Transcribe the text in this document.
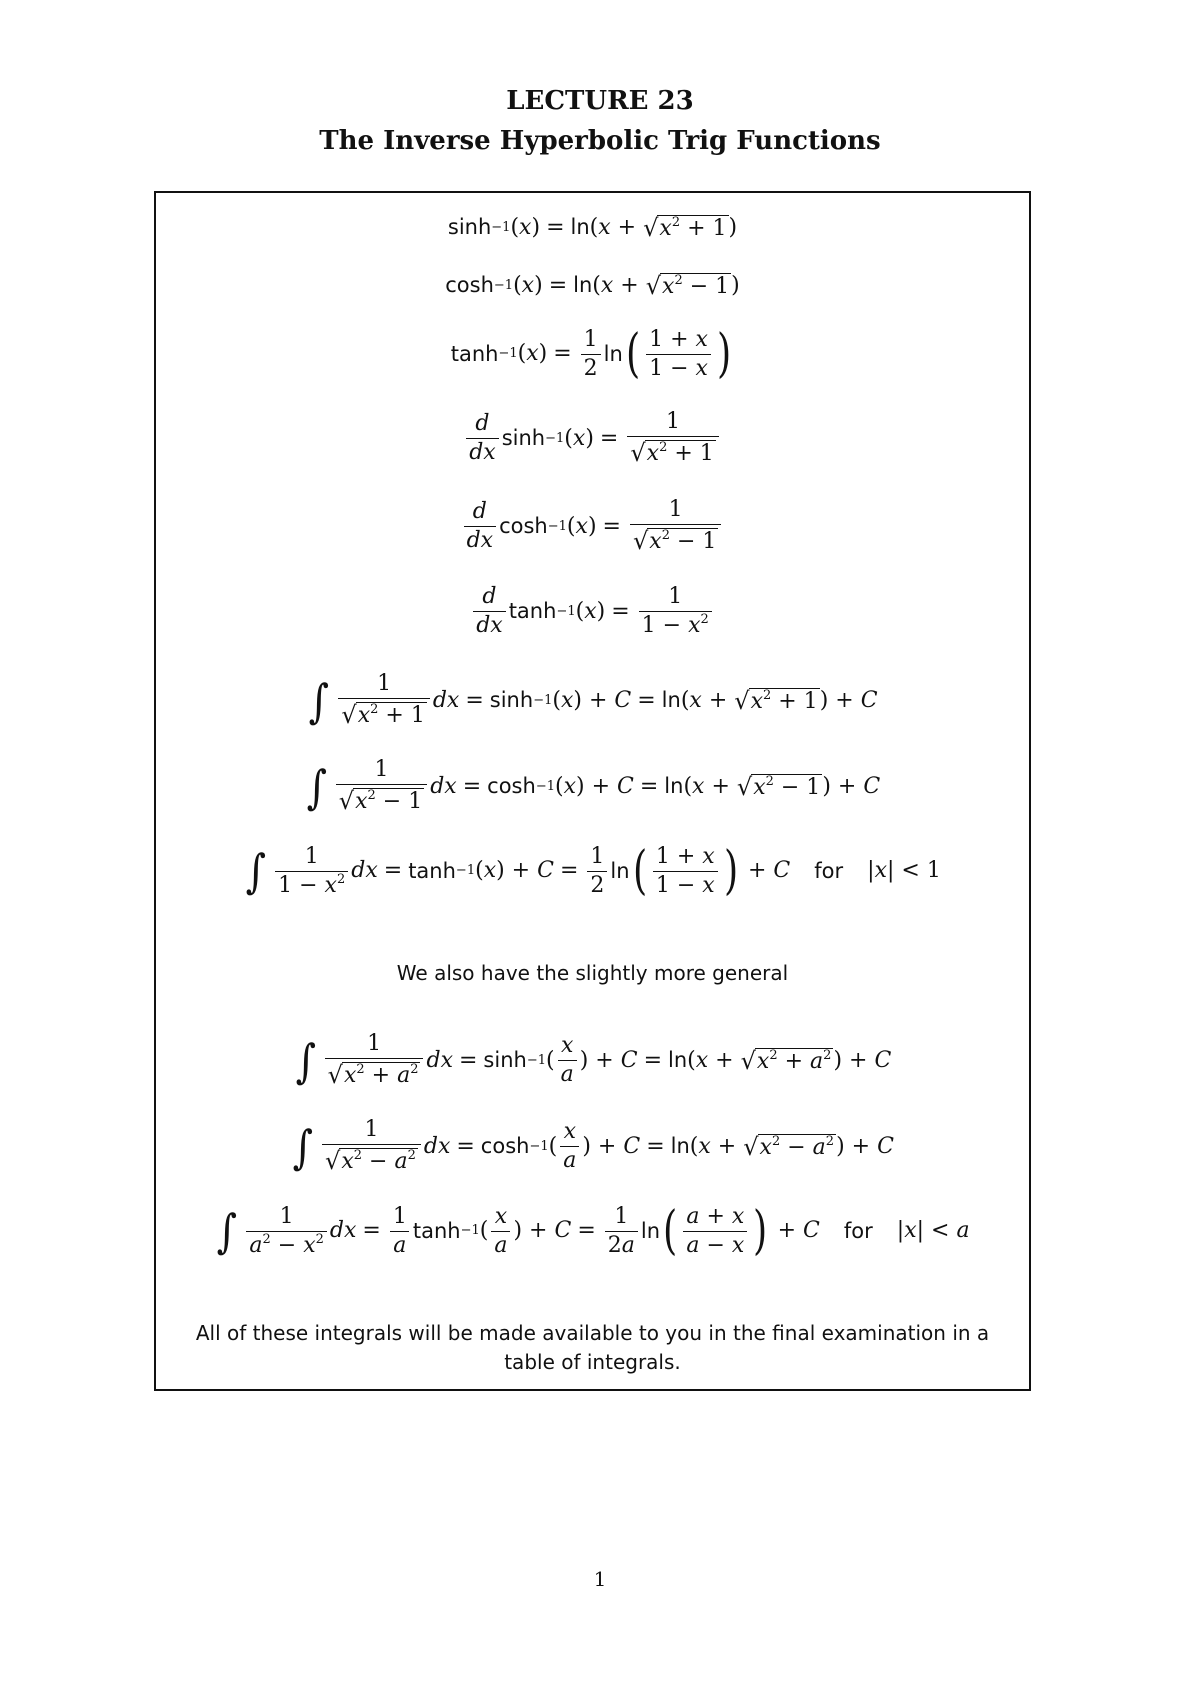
LECTURE 23
The Inverse Hyperbolic Trig Functions
sinh −1 ( x ) = ln ( x + √ $x^2 + 1$ )
cosh −1 ( x ) = ln ( x + √ $x^2 - 1$ )
tanh −1 ( x ) = $\frac{1}{2}$ ln ( $\frac{1 + x}{1 - x}$ )
$\frac{d}{dx}$ sinh −1 ( x ) = $\frac{1}{√ x^2 + 1}$
$\frac{d}{dx}$ cosh −1 ( x ) = $\frac{1}{√ x^2 - 1}$
$\frac{d}{dx}$ tanh −1 ( x ) = $\frac{1}{1 - x^2}$
∫ $\frac{1}{√ x^2 + 1}$ dx = sinh −1 ( x ) + C = ln ( x + √ $x^2 + 1$ ) + C
∫ $\frac{1}{√ x^2 - 1}$ dx = cosh −1 ( x ) + C = ln ( x + √ $x^2 - 1$ ) + C
∫ $\frac{1}{1 - x^2}$ dx = tanh −1 ( x ) + $C = \frac{1}{2}$ ln ( $\frac{1 + x}{1 - x}$ ) + C for | x | < 1
We also have the slightly more general
∫ $\frac{1}{√ x^2 + a^2}$ dx = sinh −1 ( $\frac{x}{a}$ ) + C = ln ( x + √ $x^2 + a^2$ ) + C
∫ $\frac{1}{√ x^2 - a^2}$ dx = cosh −1 ( $\frac{x}{a}$ ) + C = ln ( x + √ $x^2 - a^2$ ) + C
∫ $\frac{1}{a^2 - x^2}$ dx = $\frac{1}{a}$ tanh −1 ( $\frac{x}{a}$ ) + $C = \frac{1}{2a}$ ln ( $\frac{a + x}{a - x}$ ) + C for | x | < a
All of these integrals will be made available to you in the final examination in a table of integrals.
1
